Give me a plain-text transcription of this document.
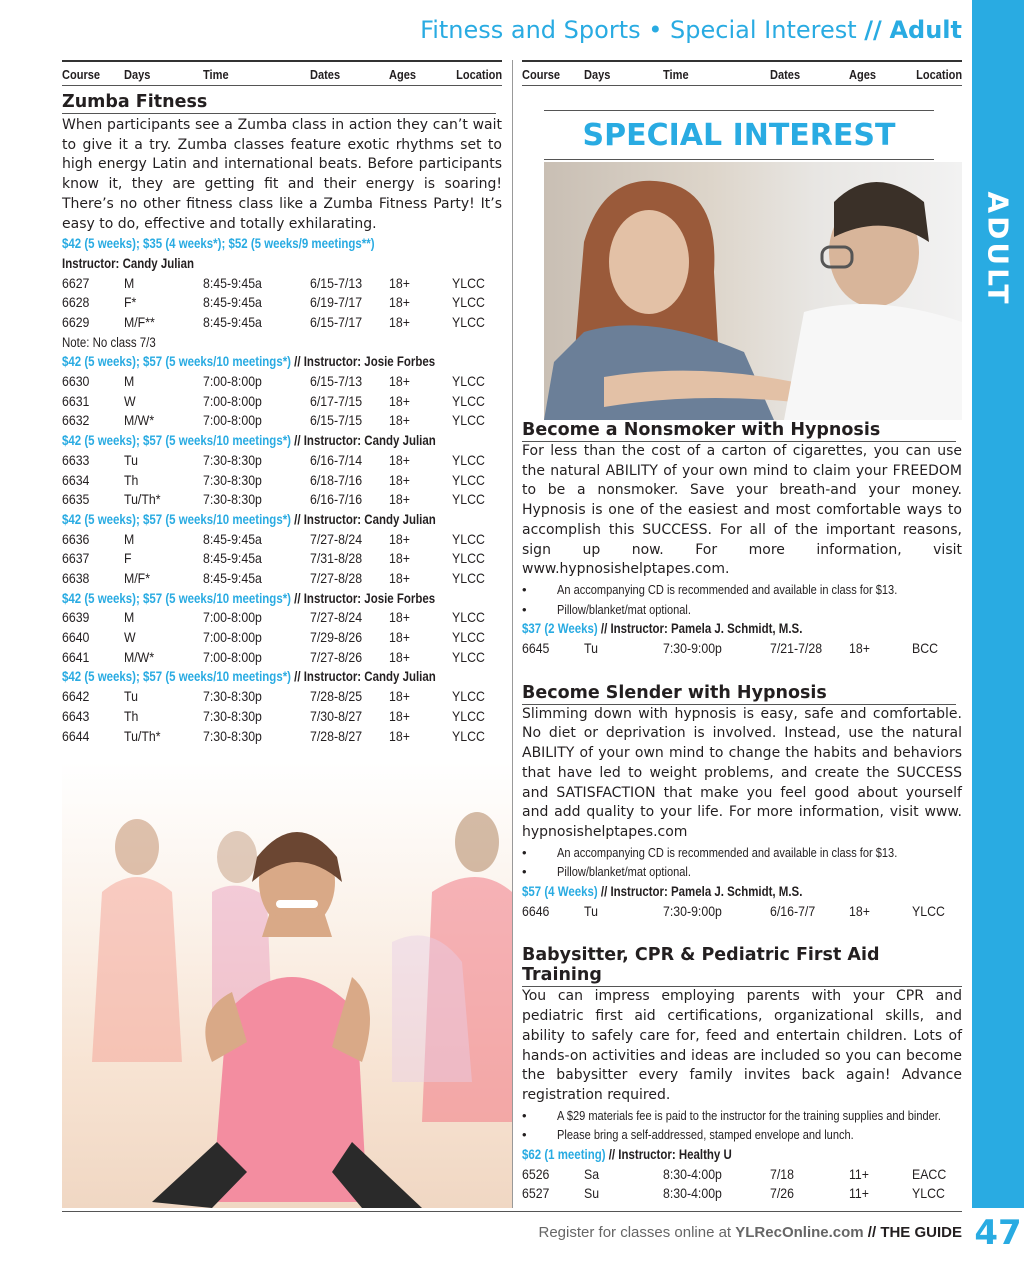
Fitness and Sports • Special Interest // Adult
ADULT
Course Days	Time	Dates	Ages	Location
Zumba Fitness
When participants see a Zumba class in action they can’t wait to give it a try. Zumba classes feature exotic rhythms set to high energy Latin and international beats. Before participants know it, they are getting fit and their energy is soaring! There’s no other fitness class like a Zumba Fitness Party! It’s easy to do, effective and totally exhilarating.
$42 (5 weeks); $35 (4 weeks*); $52 (5 weeks/9 meetings**)
Instructor: Candy Julian
6627 M	8:45-9:45a	6/15-7/13 18+	YLCC
6628 F*	8:45-9:45a	6/19-7/17 18+	YLCC
6629 M/F**	8:45-9:45a	6/15-7/17 18+	YLCC
Note: No class 7/3
$42 (5 weeks); $57 (5 weeks/10 meetings*) // Instructor: Josie Forbes
6630 M	7:00-8:00p	6/15-7/13 18+	YLCC
6631 W	7:00-8:00p	6/17-7/15 18+	YLCC
6632 M/W*	7:00-8:00p	6/15-7/15 18+	YLCC
$42 (5 weeks); $57 (5 weeks/10 meetings*) // Instructor: Candy Julian
6633 Tu	7:30-8:30p	6/16-7/14 18+	YLCC
6634 Th	7:30-8:30p	6/18-7/16 18+	YLCC
6635 Tu/Th*	7:30-8:30p	6/16-7/16 18+	YLCC
$42 (5 weeks); $57 (5 weeks/10 meetings*) // Instructor: Candy Julian
6636 M	8:45-9:45a	7/27-8/24 18+	YLCC
6637 F	8:45-9:45a	7/31-8/28 18+	YLCC
6638 M/F*	8:45-9:45a	7/27-8/28 18+	YLCC
$42 (5 weeks); $57 (5 weeks/10 meetings*) // Instructor: Josie Forbes
6639 M	7:00-8:00p	7/27-8/24 18+	YLCC
6640 W	7:00-8:00p	7/29-8/26 18+	YLCC
6641 M/W*	7:00-8:00p	7/27-8/26 18+	YLCC
$42 (5 weeks); $57 (5 weeks/10 meetings*) // Instructor: Candy Julian
6642 Tu	7:30-8:30p	7/28-8/25 18+	YLCC
6643 Th	7:30-8:30p	7/30-8/27 18+	YLCC
6644 Tu/Th*	7:30-8:30p	7/28-8/27 18+	YLCC
Course Days	Time	Dates	Ages	Location
SPECIAL INTEREST
Become a Nonsmoker with Hypnosis
For less than the cost of a carton of cigarettes, you can use the natural ABILITY of your own mind to claim your FREEDOM to be a nonsmoker. Save your breath-and your money. Hypnosis is one of the easiest and most comfortable ways to accomplish this SUCCESS. For all of the important reasons, sign up now. For more information, visit www.hypnosishelptapes.com.
• An accompanying CD is recommended and available in class for $13.
• Pillow/blanket/mat optional.
$37 (2 Weeks) // Instructor: Pamela J. Schmidt, M.S.
6645 Tu	7:30-9:00p	7/21-7/28 18+	BCC
Become Slender with Hypnosis
Slimming down with hypnosis is easy, safe and comfortable. No diet or deprivation is involved. Instead, use the natural ABILITY of your own mind to change the habits and behaviors that have led to weight problems, and create the SUCCESS and SATISFACTION that make you feel good about yourself and add quality to your life. For more information, visit www. hypnosishelptapes.com
• An accompanying CD is recommended and available in class for $13.
• Pillow/blanket/mat optional.
$57 (4 Weeks) // Instructor: Pamela J. Schmidt, M.S.
6646 Tu	7:30-9:00p	6/16-7/7 18+	YLCC
Babysitter, CPR & Pediatric First Aid Training
You can impress employing parents with your CPR and pediatric first aid certifications, organizational skills, and ability to safely care for, feed and entertain children. Lots of hands-on activities and ideas are included so you can become the babysitter every family invites back again! Advance registration required.
• A $29 materials fee is paid to the instructor for the training supplies and binder.
• Please bring a self-addressed, stamped envelope and lunch.
$62 (1 meeting) // Instructor: Healthy U
6526 Sa	8:30-4:00p	7/18	11+	EACC
6527 Su	8:30-4:00p	7/26	11+	YLCC
Register for classes online at YLRecOnline.com // THE GUIDE 47
